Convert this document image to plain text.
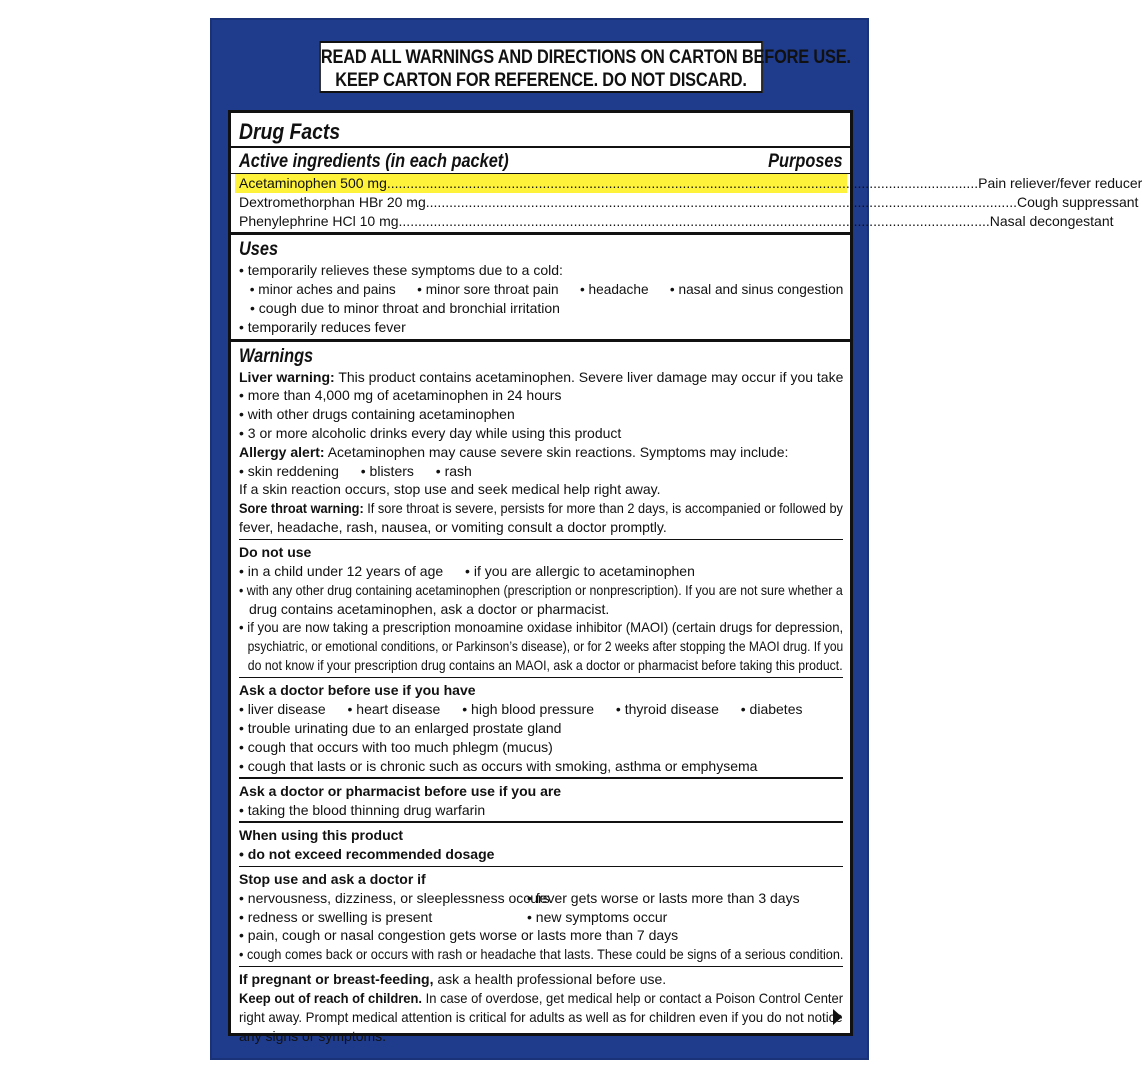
READ ALL WARNINGS AND DIRECTIONS ON CARTON BEFORE USE.
KEEP CARTON FOR REFERENCE. DO NOT DISCARD.
Drug Facts
Active ingredients (in each packet)	Purposes
Acetaminophen 500 mg ........................................................................................................................................................ Pain reliever/fever reducer
Dextromethorphan HBr 20 mg ........................................................................................................................................................ Cough suppressant
Phenylephrine HCl 10 mg ........................................................................................................................................................ Nasal decongestant
Uses
• temporarily relieves these symptoms due to a cold:
• minor aches and pains • minor sore throat pain • headache • nasal and sinus congestion
• cough due to minor throat and bronchial irritation
• temporarily reduces fever
Warnings
Liver warning: This product contains acetaminophen. Severe liver damage may occur if you take
• more than 4,000 mg of acetaminophen in 24 hours
• with other drugs containing acetaminophen
• 3 or more alcoholic drinks every day while using this product
Allergy alert: Acetaminophen may cause severe skin reactions. Symptoms may include:
• skin reddening • blisters • rash
If a skin reaction occurs, stop use and seek medical help right away.
Sore throat warning: If sore throat is severe, persists for more than 2 days, is accompanied or followed by
fever, headache, rash, nausea, or vomiting consult a doctor promptly.
Do not use
• in a child under 12 years of age • if you are allergic to acetaminophen
• with any other drug containing acetaminophen (prescription or nonprescription). If you are not sure whether a
drug contains acetaminophen, ask a doctor or pharmacist.
• if you are now taking a prescription monoamine oxidase inhibitor (MAOI) (certain drugs for depression,
psychiatric, or emotional conditions, or Parkinson’s disease), or for 2 weeks after stopping the MAOI drug. If you
do not know if your prescription drug contains an MAOI, ask a doctor or pharmacist before taking this product.
Ask a doctor before use if you have
• liver disease • heart disease • high blood pressure • thyroid disease • diabetes
• trouble urinating due to an enlarged prostate gland
• cough that occurs with too much phlegm (mucus)
• cough that lasts or is chronic such as occurs with smoking, asthma or emphysema
Ask a doctor or pharmacist before use if you are
• taking the blood thinning drug warfarin
When using this product
• do not exceed recommended dosage
Stop use and ask a doctor if
• nervousness, dizziness, or sleeplessness occurs
• fever gets worse or lasts more than 3 days
• redness or swelling is present	• new symptoms occur
• pain, cough or nasal congestion gets worse or lasts more than 7 days
• cough comes back or occurs with rash or headache that lasts. These could be signs of a serious condition.
If pregnant or breast-feeding, ask a health professional before use.
Keep out of reach of children. In case of overdose, get medical help or contact a Poison Control Center
right away. Prompt medical attention is critical for adults as well as for children even if you do not notice
any signs or symptoms.
